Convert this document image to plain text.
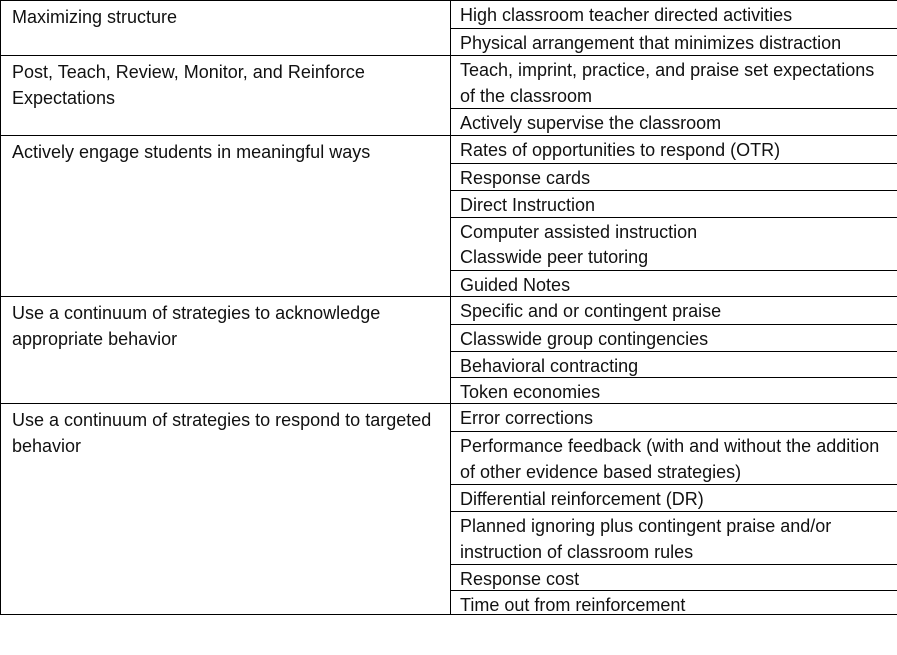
Maximizing structure	High classroom teacher directed activities
Physical arrangement that minimizes distraction
Post, Teach, Review, Monitor, and Reinforce Expectations
Teach, imprint, practice, and praise set expectations of the classroom
Actively supervise the classroom
Actively engage students in meaningful ways	Rates of opportunities to respond (OTR)
Response cards
Direct Instruction
Computer assisted instruction
Classwide peer tutoring
Guided Notes
Use a continuum of strategies to acknowledge appropriate behavior
Specific and or contingent praise
Classwide group contingencies
Behavioral contracting
Token economies
Use a continuum of strategies to respond to targeted behavior
Error corrections
Performance feedback (with and without the addition of other evidence based strategies)
Differential reinforcement (DR)
Planned ignoring plus contingent praise and/or instruction of classroom rules
Response cost
Time out from reinforcement
